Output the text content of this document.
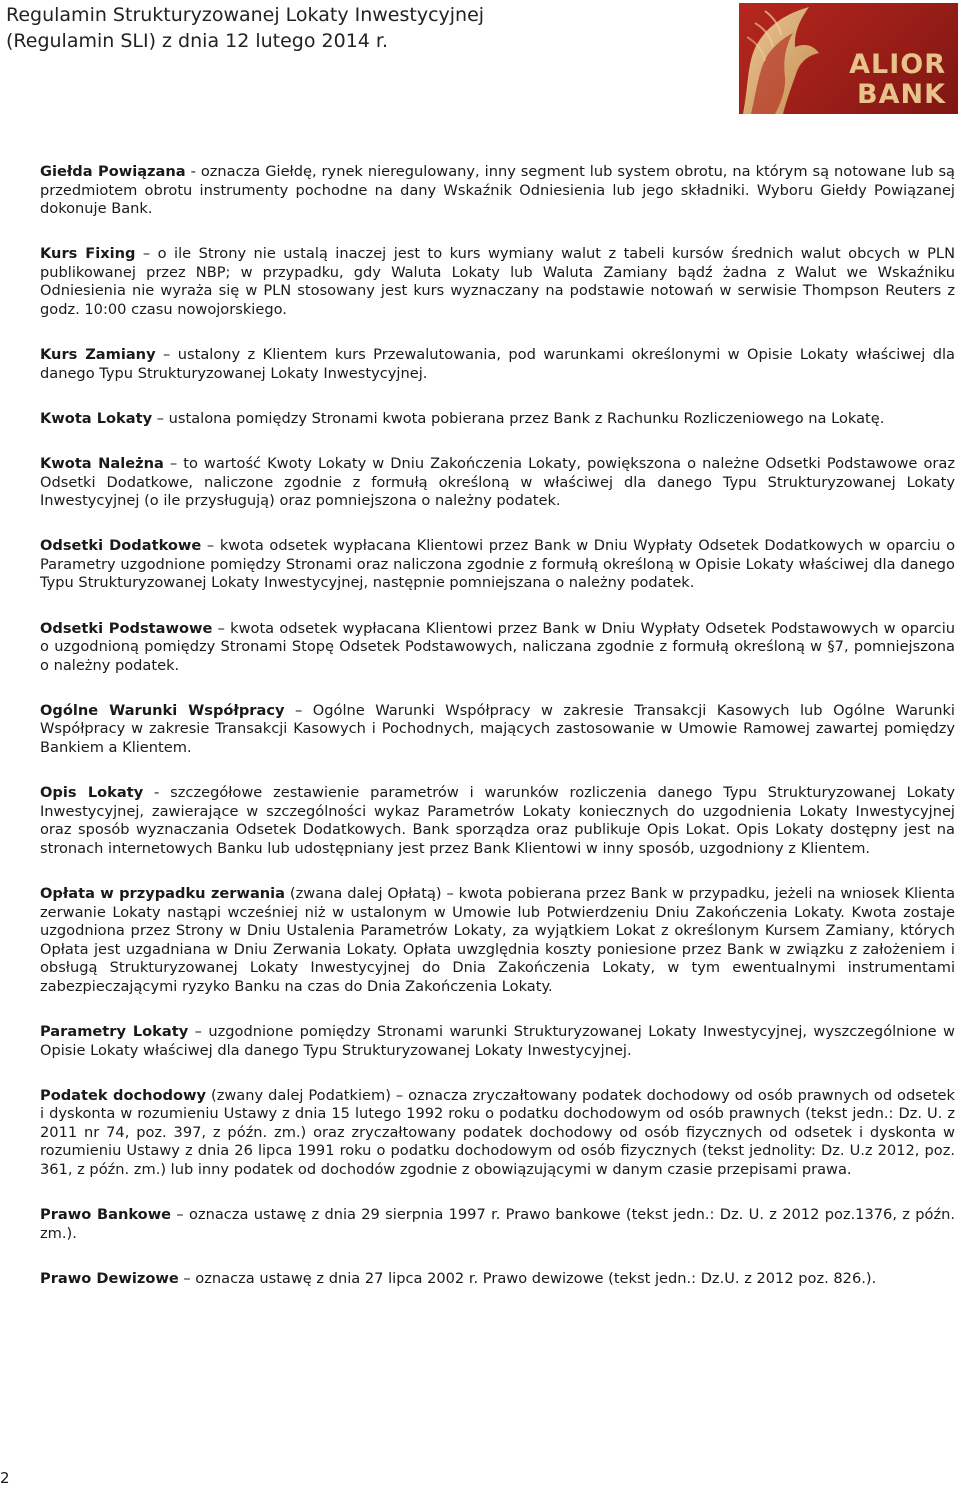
Regulamin Strukturyzowanej Lokaty Inwestycyjnej
(Regulamin SLI) z dnia 12 lutego 2014 r.
ALIOR
BANK

Giełda Powiązana - oznacza Giełdę, rynek nieregulowany, inny segment lub system obrotu, na którym są notowane lub są przedmiotem obrotu instrumenty pochodne na dany Wskaźnik Odniesienia lub jego składniki. Wyboru Giełdy Powiązanej dokonuje Bank.

Kurs Fixing – o ile Strony nie ustalą inaczej jest to kurs wymiany walut z tabeli kursów średnich walut obcych w PLN publikowanej przez NBP; w przypadku, gdy Waluta Lokaty lub Waluta Zamiany bądź żadna z Walut we Wskaźniku Odniesienia nie wyraża się w PLN stosowany jest kurs wyznaczany na podstawie notowań w serwisie Thompson Reuters z godz. 10:00 czasu nowojorskiego.

Kurs Zamiany – ustalony z Klientem kurs Przewalutowania, pod warunkami określonymi w Opisie Lokaty właściwej dla danego Typu Strukturyzowanej Lokaty Inwestycyjnej.

Kwota Lokaty – ustalona pomiędzy Stronami kwota pobierana przez Bank z Rachunku Rozliczeniowego na Lokatę.

Kwota Należna – to wartość Kwoty Lokaty w Dniu Zakończenia Lokaty, powiększona o należne Odsetki Podstawowe oraz Odsetki Dodatkowe, naliczone zgodnie z formułą określoną w właściwej dla danego Typu Strukturyzowanej Lokaty Inwestycyjnej (o ile przysługują) oraz pomniejszona o należny podatek.

Odsetki Dodatkowe – kwota odsetek wypłacana Klientowi przez Bank w Dniu Wypłaty Odsetek Dodatkowych w oparciu o Parametry uzgodnione pomiędzy Stronami oraz naliczona zgodnie z formułą określoną w Opisie Lokaty właściwej dla danego Typu Strukturyzowanej Lokaty Inwestycyjnej, następnie pomniejszana o należny podatek.

Odsetki Podstawowe – kwota odsetek wypłacana Klientowi przez Bank w Dniu Wypłaty Odsetek Podstawowych w oparciu o uzgodnioną pomiędzy Stronami Stopę Odsetek Podstawowych, naliczana zgodnie z formułą określoną w §7, pomniejszona o należny podatek.

Ogólne Warunki Współpracy – Ogólne Warunki Współpracy w zakresie Transakcji Kasowych lub Ogólne Warunki Współpracy w zakresie Transakcji Kasowych i Pochodnych, mających zastosowanie w Umowie Ramowej zawartej pomiędzy Bankiem a Klientem.

Opis Lokaty - szczegółowe zestawienie parametrów i warunków rozliczenia danego Typu Strukturyzowanej Lokaty Inwestycyjnej, zawierające w szczególności wykaz Parametrów Lokaty koniecznych do uzgodnienia Lokaty Inwestycyjnej oraz sposób wyznaczania Odsetek Dodatkowych. Bank sporządza oraz publikuje Opis Lokat. Opis Lokaty dostępny jest na stronach internetowych Banku lub udostępniany jest przez Bank Klientowi w inny sposób, uzgodniony z Klientem.

Opłata w przypadku zerwania (zwana dalej Opłatą) – kwota pobierana przez Bank w przypadku, jeżeli na wniosek Klienta zerwanie Lokaty nastąpi wcześniej niż w ustalonym w Umowie lub Potwierdzeniu Dniu Zakończenia Lokaty. Kwota zostaje uzgodniona przez Strony w Dniu Ustalenia Parametrów Lokaty, za wyjątkiem Lokat z określonym Kursem Zamiany, których Opłata jest uzgadniana w Dniu Zerwania Lokaty. Opłata uwzględnia koszty poniesione przez Bank w związku z założeniem i obsługą Strukturyzowanej Lokaty Inwestycyjnej do Dnia Zakończenia Lokaty, w tym ewentualnymi instrumentami zabezpieczającymi ryzyko Banku na czas do Dnia Zakończenia Lokaty.

Parametry Lokaty – uzgodnione pomiędzy Stronami warunki Strukturyzowanej Lokaty Inwestycyjnej, wyszczególnione w Opisie Lokaty właściwej dla danego Typu Strukturyzowanej Lokaty Inwestycyjnej.

Podatek dochodowy (zwany dalej Podatkiem) – oznacza zryczałtowany podatek dochodowy od osób prawnych od odsetek i dyskonta w rozumieniu Ustawy z dnia 15 lutego 1992 roku o podatku dochodowym od osób prawnych (tekst jedn.: Dz. U. z 2011 nr 74, poz. 397, z późn. zm.) oraz zryczałtowany podatek dochodowy od osób fizycznych od odsetek i dyskonta w rozumieniu Ustawy z dnia 26 lipca 1991 roku o podatku dochodowym od osób fizycznych (tekst jednolity: Dz. U.z 2012, poz. 361, z późn. zm.) lub inny podatek od dochodów zgodnie z obowiązującymi w danym czasie przepisami prawa.

Prawo Bankowe – oznacza ustawę z dnia 29 sierpnia 1997 r. Prawo bankowe (tekst jedn.: Dz. U. z 2012 poz.1376, z późn. zm.).

Prawo Dewizowe – oznacza ustawę z dnia 27 lipca 2002 r. Prawo dewizowe (tekst jedn.: Dz.U. z 2012 poz. 826.).

2
